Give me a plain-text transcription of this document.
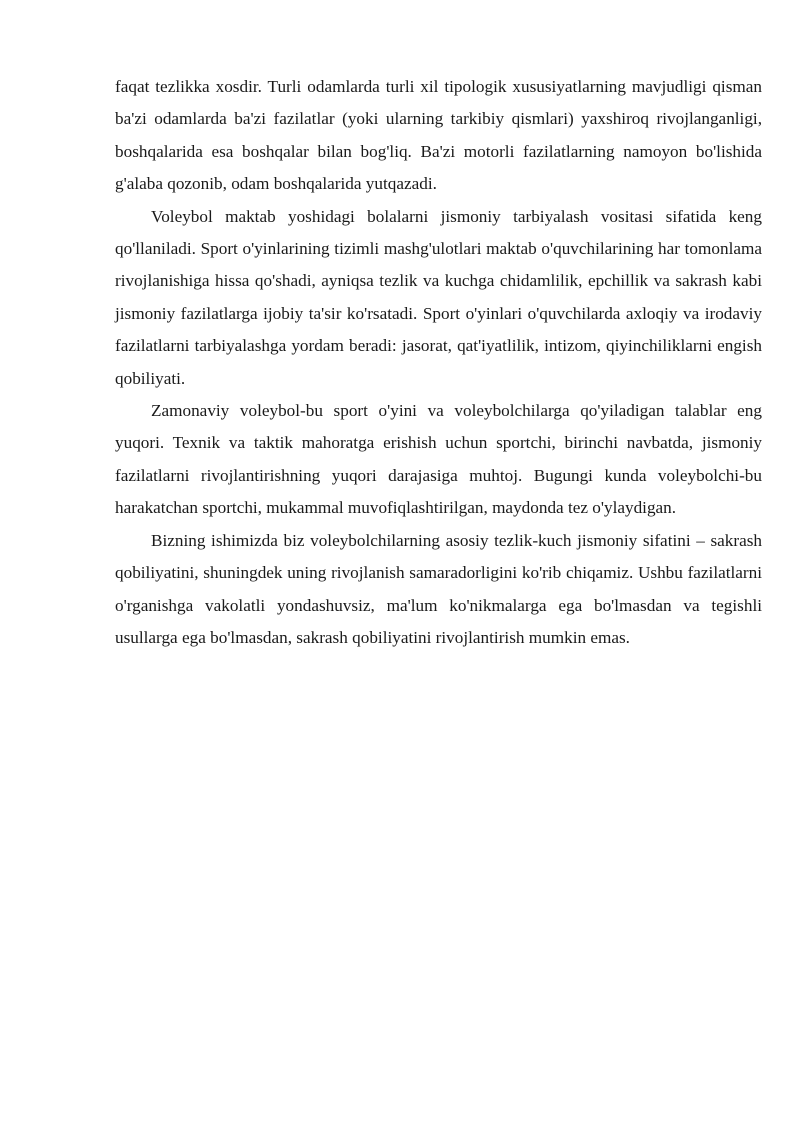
faqat tezlikka xosdir. Turli odamlarda turli xil tipologik xususiyatlarning mavjudligi qisman ba'zi odamlarda ba'zi fazilatlar (yoki ularning tarkibiy qismlari) yaxshiroq rivojlanganligi, boshqalarida esa boshqalar bilan bog'liq. Ba'zi motorli fazilatlarning namoyon bo'lishida g'alaba qozonib, odam boshqalarida yutqazadi.

Voleybol maktab yoshidagi bolalarni jismoniy tarbiyalash vositasi sifatida keng qo'llaniladi. Sport o'yinlarining tizimli mashg'ulotlari maktab o'quvchilarining har tomonlama rivojlanishiga hissa qo'shadi, ayniqsa tezlik va kuchga chidamlilik, epchillik va sakrash kabi jismoniy fazilatlarga ijobiy ta'sir ko'rsatadi. Sport o'yinlari o'quvchilarda axloqiy va irodaviy fazilatlarni tarbiyalashga yordam beradi: jasorat, qat'iyatlilik, intizom, qiyinchiliklarni engish qobiliyati.

Zamonaviy voleybol-bu sport o'yini va voleybolchilarga qo'yiladigan talablar eng yuqori. Texnik va taktik mahoratga erishish uchun sportchi, birinchi navbatda, jismoniy fazilatlarni rivojlantirishning yuqori darajasiga muhtoj. Bugungi kunda voleybolchi-bu harakatchan sportchi, mukammal muvofiqlashtirilgan, maydonda tez o'ylaydigan.

Bizning ishimizda biz voleybolchilarning asosiy tezlik-kuch jismoniy sifatini – sakrash qobiliyatini, shuningdek uning rivojlanish samaradorligini ko'rib chiqamiz. Ushbu fazilatlarni o'rganishga vakolatli yondashuvsiz, ma'lum ko'nikmalarga ega bo'lmasdan va tegishli usullarga ega bo'lmasdan, sakrash qobiliyatini rivojlantirish mumkin emas.
